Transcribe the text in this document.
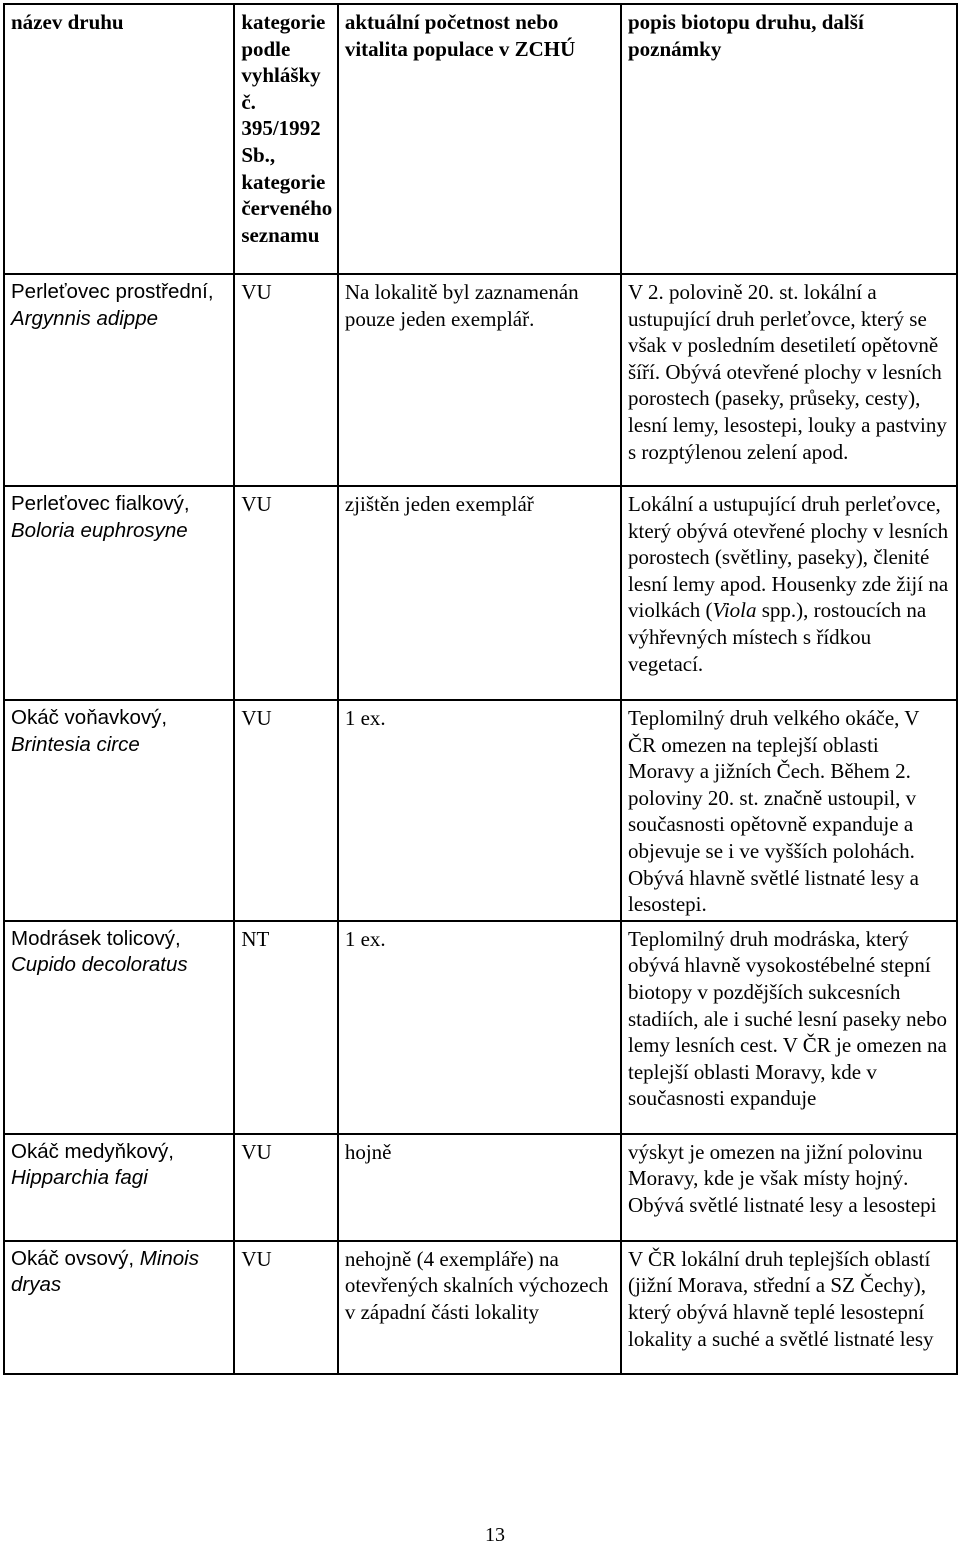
název druhu	kategorie podle vyhlášky č. 395/1992 Sb., kategorie červeného seznamu	aktuální početnost nebo vitalita populace v ZCHÚ	popis biotopu druhu, další poznámky
Perleťovec prostřední, Argynnis adippe	VU	Na lokalitě byl zaznamenán pouze jeden exemplář.	V 2. polovině 20. st. lokální a ustupující druh perleťovce, který se však v posledním desetiletí opětovně šíří. Obývá otevřené plochy v lesních porostech (paseky, průseky, cesty), lesní lemy, lesostepi, louky a pastviny s rozptýlenou zelení apod.
Perleťovec fialkový, Boloria euphrosyne	VU	zjištěn jeden exemplář	Lokální a ustupující druh perleťovce, který obývá otevřené plochy v lesních porostech (světliny, paseky), členité lesní lemy apod. Housenky zde žijí na violkách (Viola spp.), rostoucích na výhřevných místech s řídkou vegetací.
Okáč voňavkový, Brintesia circe	VU	1 ex.	Teplomilný druh velkého okáče, V ČR omezen na teplejší oblasti Moravy a jižních Čech. Během 2. poloviny 20. st. značně ustoupil, v současnosti opětovně expanduje a objevuje se i ve vyšších polohách. Obývá hlavně světlé listnaté lesy a lesostepi.
Modrásek tolicový, Cupido decoloratus	NT	1 ex.	Teplomilný druh modráska, který obývá hlavně vysokostébelné stepní biotopy v pozdějších sukcesních stadiích, ale i suché lesní paseky nebo lemy lesních cest. V ČR je omezen na teplejší oblasti Moravy, kde v současnosti expanduje
Okáč medyňkový, Hipparchia fagi	VU	hojně	výskyt je omezen na jižní polovinu Moravy, kde je však místy hojný. Obývá světlé listnaté lesy a lesostepi
Okáč ovsový, Minois dryas	VU	nehojně (4 exempláře) na otevřených skalních výchozech v západní části lokality	V ČR lokální druh teplejších oblastí (jižní Morava, střední a SZ Čechy), který obývá hlavně teplé lesostepní lokality a suché a světlé listnaté lesy
13
